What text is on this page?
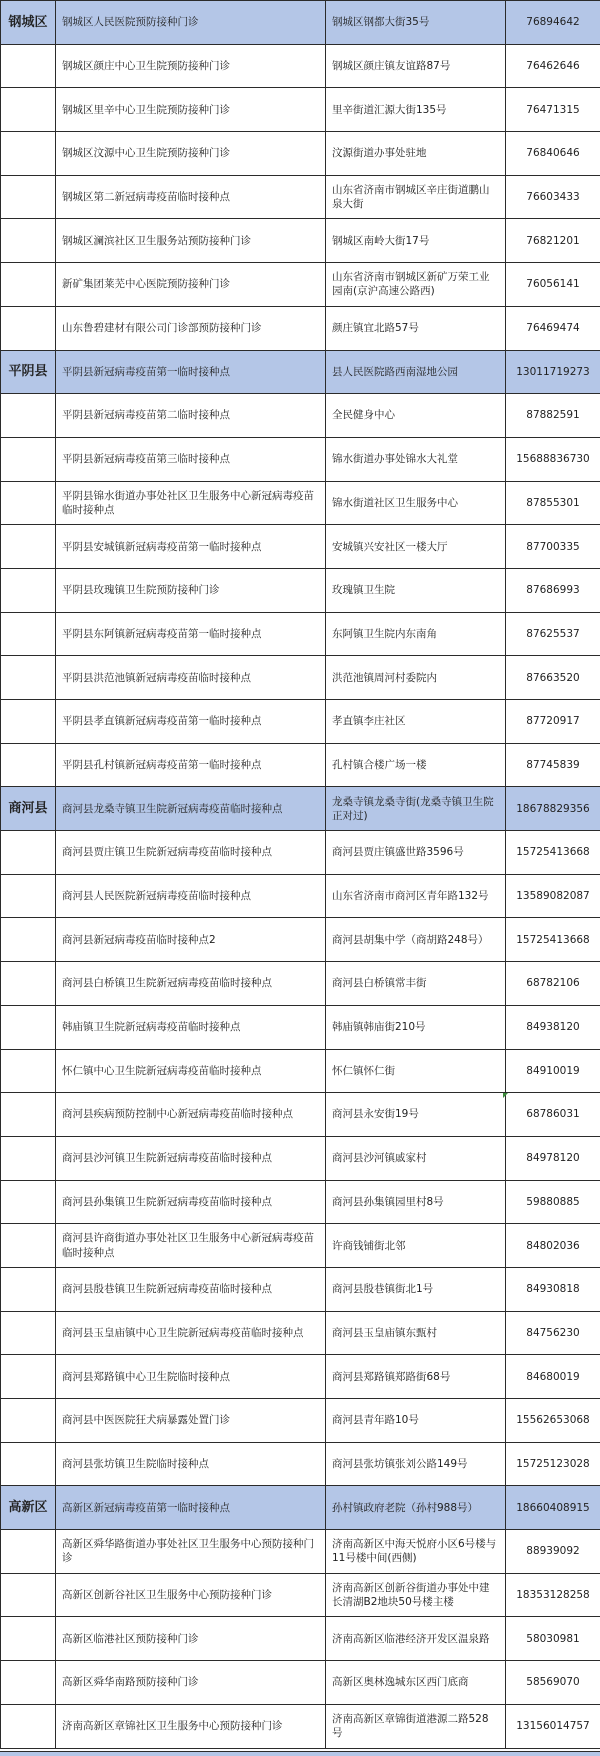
钢城区	钢城区人民医院预防接种门诊	钢城区钢都大街35号	76894642
	钢城区颜庄中心卫生院预防接种门诊	钢城区颜庄镇友谊路87号	76462646
	钢城区里辛中心卫生院预防接种门诊	里辛街道汇源大街135号	76471315
	钢城区汶源中心卫生院预防接种门诊	汶源街道办事处驻地	76840646
	钢城区第二新冠病毒疫苗临时接种点	山东省济南市钢城区辛庄街道鹏山泉大街	76603433
	钢城区澜滨社区卫生服务站预防接种门诊	钢城区南岭大街17号	76821201
	新矿集团莱芜中心医院预防接种门诊	山东省济南市钢城区新矿万荣工业园南(京沪高速公路西)	76056141
	山东鲁碧建材有限公司门诊部预防接种门诊	颜庄镇宜北路57号	76469474
平阴县	平阴县新冠病毒疫苗第一临时接种点	县人民医院路西南湿地公园	13011719273
	平阴县新冠病毒疫苗第二临时接种点	全民健身中心	87882591
	平阴县新冠病毒疫苗第三临时接种点	锦水街道办事处锦水大礼堂	15688836730
	平阴县锦水街道办事处社区卫生服务中心新冠病毒疫苗临时接种点	锦水街道社区卫生服务中心	87855301
	平阴县安城镇新冠病毒疫苗第一临时接种点	安城镇兴安社区一楼大厅	87700335
	平阴县玫瑰镇卫生院预防接种门诊	玫瑰镇卫生院	87686993
	平阴县东阿镇新冠病毒疫苗第一临时接种点	东阿镇卫生院内东南角	87625537
	平阴县洪范池镇新冠病毒疫苗临时接种点	洪范池镇周河村委院内	87663520
	平阴县孝直镇新冠病毒疫苗第一临时接种点	孝直镇李庄社区	87720917
	平阴县孔村镇新冠病毒疫苗第一临时接种点	孔村镇合楼广场一楼	87745839
商河县	商河县龙桑寺镇卫生院新冠病毒疫苗临时接种点	龙桑寺镇龙桑寺街(龙桑寺镇卫生院正对过)	18678829356
	商河县贾庄镇卫生院新冠病毒疫苗临时接种点	商河县贾庄镇盛世路3596号	15725413668
	商河县人民医院新冠病毒疫苗临时接种点	山东省济南市商河区青年路132号	13589082087
	商河县新冠病毒疫苗临时接种点2	商河县胡集中学（商胡路248号）	15725413668
	商河县白桥镇卫生院新冠病毒疫苗临时接种点	商河县白桥镇常丰街	68782106
	韩庙镇卫生院新冠病毒疫苗临时接种点	韩庙镇韩庙街210号	84938120
	怀仁镇中心卫生院新冠病毒疫苗临时接种点	怀仁镇怀仁街	84910019
	商河县疾病预防控制中心新冠病毒疫苗临时接种点	商河县永安街19号	68786031
	商河县沙河镇卫生院新冠病毒疫苗临时接种点	商河县沙河镇戚家村	84978120
	商河县孙集镇卫生院新冠病毒疫苗临时接种点	商河县孙集镇园里村8号	59880885
	商河县许商街道办事处社区卫生服务中心新冠病毒疫苗临时接种点	许商钱铺街北邻	84802036
	商河县殷巷镇卫生院新冠病毒疫苗临时接种点	商河县殷巷镇街北1号	84930818
	商河县玉皇庙镇中心卫生院新冠病毒疫苗临时接种点	商河县玉皇庙镇东甄村	84756230
	商河县郑路镇中心卫生院临时接种点	商河县郑路镇郑路街68号	84680019
	商河县中医医院狂犬病暴露处置门诊	商河县青年路10号	15562653068
	商河县张坊镇卫生院临时接种点	商河县张坊镇张刘公路149号	15725123028
高新区	高新区新冠病毒疫苗第一临时接种点	孙村镇政府老院（孙村988号）	18660408915
	高新区舜华路街道办事处社区卫生服务中心预防接种门诊	济南高新区中海天悦府小区6号楼与11号楼中间(西侧)	88939092
	高新区创新谷社区卫生服务中心预防接种门诊	济南高新区创新谷街道办事处中建长清湖B2地块50号楼主楼	18353128258
	高新区临港社区预防接种门诊	济南高新区临港经济开发区温泉路	58030981
	高新区舜华南路预防接种门诊	高新区奥林逸城东区西门底商	58569070
	济南高新区章锦社区卫生服务中心预防接种门诊	济南高新区章锦街道港源二路528号	13156014757
